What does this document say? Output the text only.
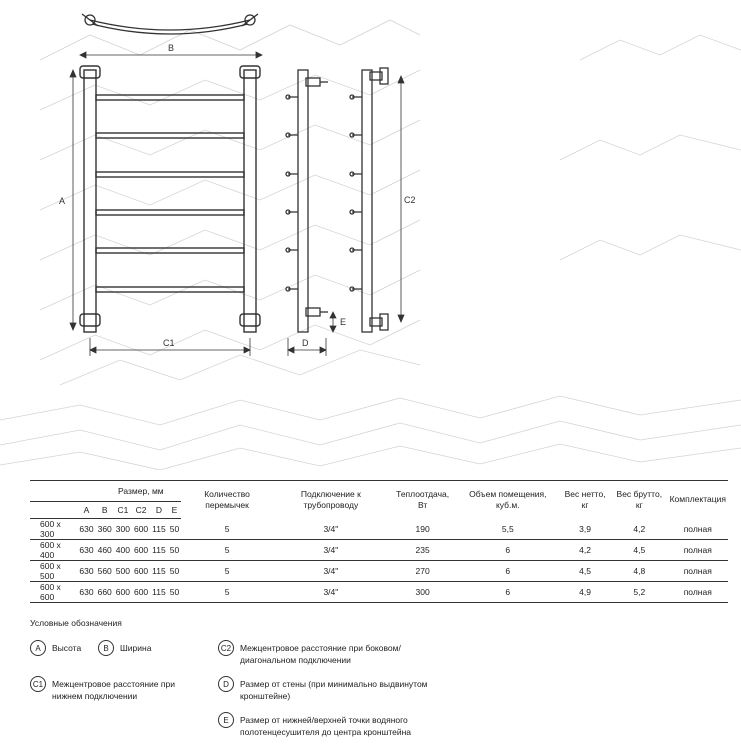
B
A
C1
E
D
C2
Размер, мм							Количество перемычек	Подключение к трубопроводу	Теплоотдача, Вт	Объем помещения, куб.м.	Вес нетто, кг	Вес брутто, кг	Комплектация
	A	B	C1	C2	D	E							
600 x 300	630	360	300	600	115	50	5	3/4"	190	5,5	3,9	4,2	полная
600 x 400	630	460	400	600	115	50	5	3/4"	235	6	4,2	4,5	полная
600 x 500	630	560	500	600	115	50	5	3/4"	270	6	4,5	4,8	полная
600 x 600	630	660	600	600	115	50	5	3/4"	300	6	4,9	5,2	полная
Условные обозначения
A	Высота	B	Ширина	C2	Межцентровое расстояние при боковом/диагональном подключении
C1	Межцентровое расстояние при нижнем подключении
D	Размер от стены (при минимально выдвинутом кронштейне)
E	Размер от нижней/верхней точки водяного полотенцесушителя до центра кронштейна
